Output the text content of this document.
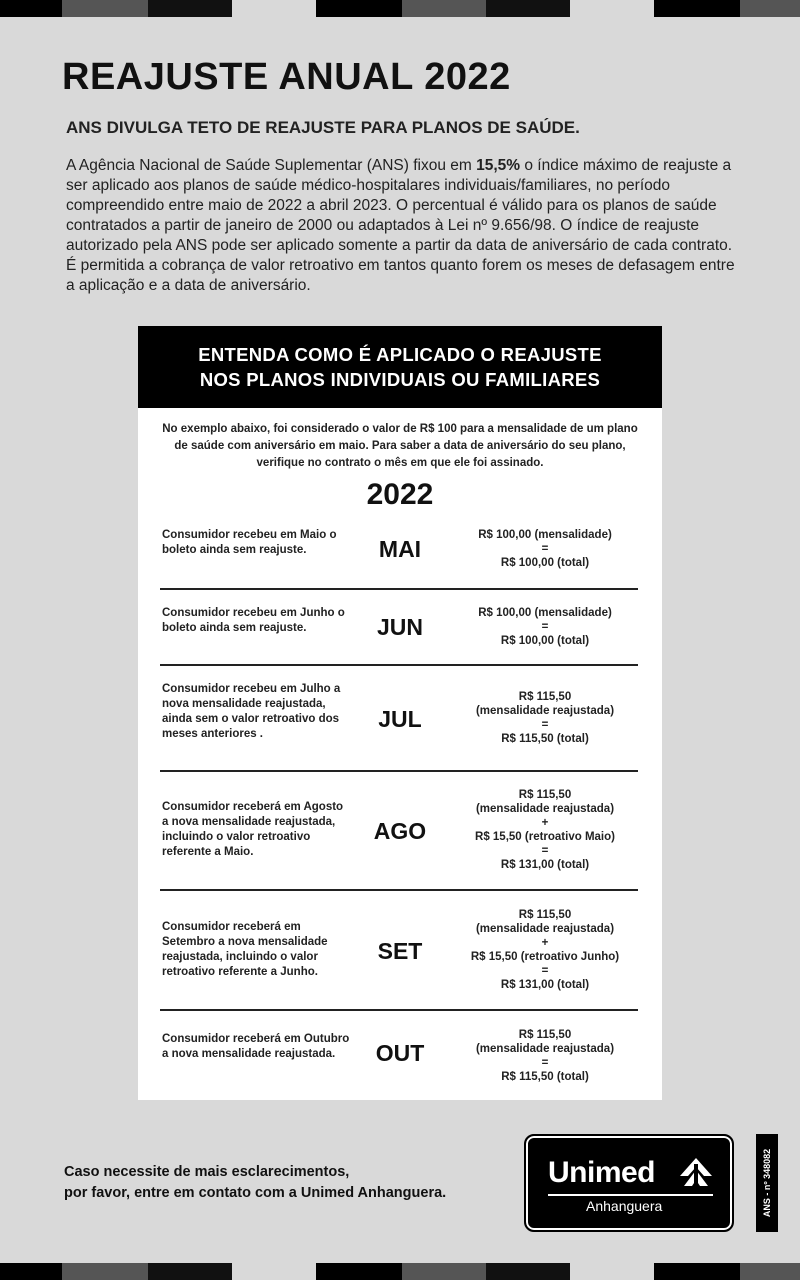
REAJUSTE ANUAL 2022
ANS DIVULGA TETO DE REAJUSTE PARA PLANOS DE SAÚDE.

A Agência Nacional de Saúde Suplementar (ANS) fixou em 15,5% o índice máximo de reajuste a ser aplicado aos planos de saúde médico-hospitalares individuais/familiares, no período compreendido entre maio de 2022 a abril 2023. O percentual é válido para os planos de saúde contratados a partir de janeiro de 2000 ou adaptados à Lei nº 9.656/98. O índice de reajuste autorizado pela ANS pode ser aplicado somente a partir da data de aniversário de cada contrato. É permitida a cobrança de valor retroativo em tantos quanto forem os meses de defasagem entre a aplicação e a data de aniversário.

ENTENDA COMO É APLICADO O REAJUSTE
NOS PLANOS INDIVIDUAIS OU FAMILIARES

No exemplo abaixo, foi considerado o valor de R$ 100 para a mensalidade de um plano de saúde com aniversário em maio. Para saber a data de aniversário do seu plano, verifique no contrato o mês em que ele foi assinado.

2022
Consumidor recebeu em Maio o boleto ainda sem reajuste.	MAI
R$ 100,00 (mensalidade)
=
R$ 100,00 (total)
Consumidor recebeu em Junho o boleto ainda sem reajuste.	JUN
R$ 100,00 (mensalidade)
=
R$ 100,00 (total)
Consumidor recebeu em Julho a nova mensalidade reajustada, ainda sem o valor retroativo dos meses anteriores .
JUL
R$ 115,50
(mensalidade reajustada)
=
R$ 115,50 (total)
Consumidor receberá em Agosto a nova mensalidade reajustada, incluindo o valor retroativo referente a Maio.
AGO
R$ 115,50
(mensalidade reajustada)
+
R$ 15,50 (retroativo Maio)
=
R$ 131,00 (total)
Consumidor receberá em Setembro a nova mensalidade reajustada, incluindo o valor retroativo referente a Junho.
SET
R$ 115,50
(mensalidade reajustada)
+
R$ 15,50 (retroativo Junho)
=
R$ 131,00 (total)
Consumidor receberá em Outubro a nova mensalidade reajustada.	OUT
R$ 115,50
(mensalidade reajustada)
=
R$ 115,50 (total)
Caso necessite de mais esclarecimentos,
por favor, entre em contato com a Unimed Anhanguera.
Unimed
Anhanguera	ANS - nº 348082
